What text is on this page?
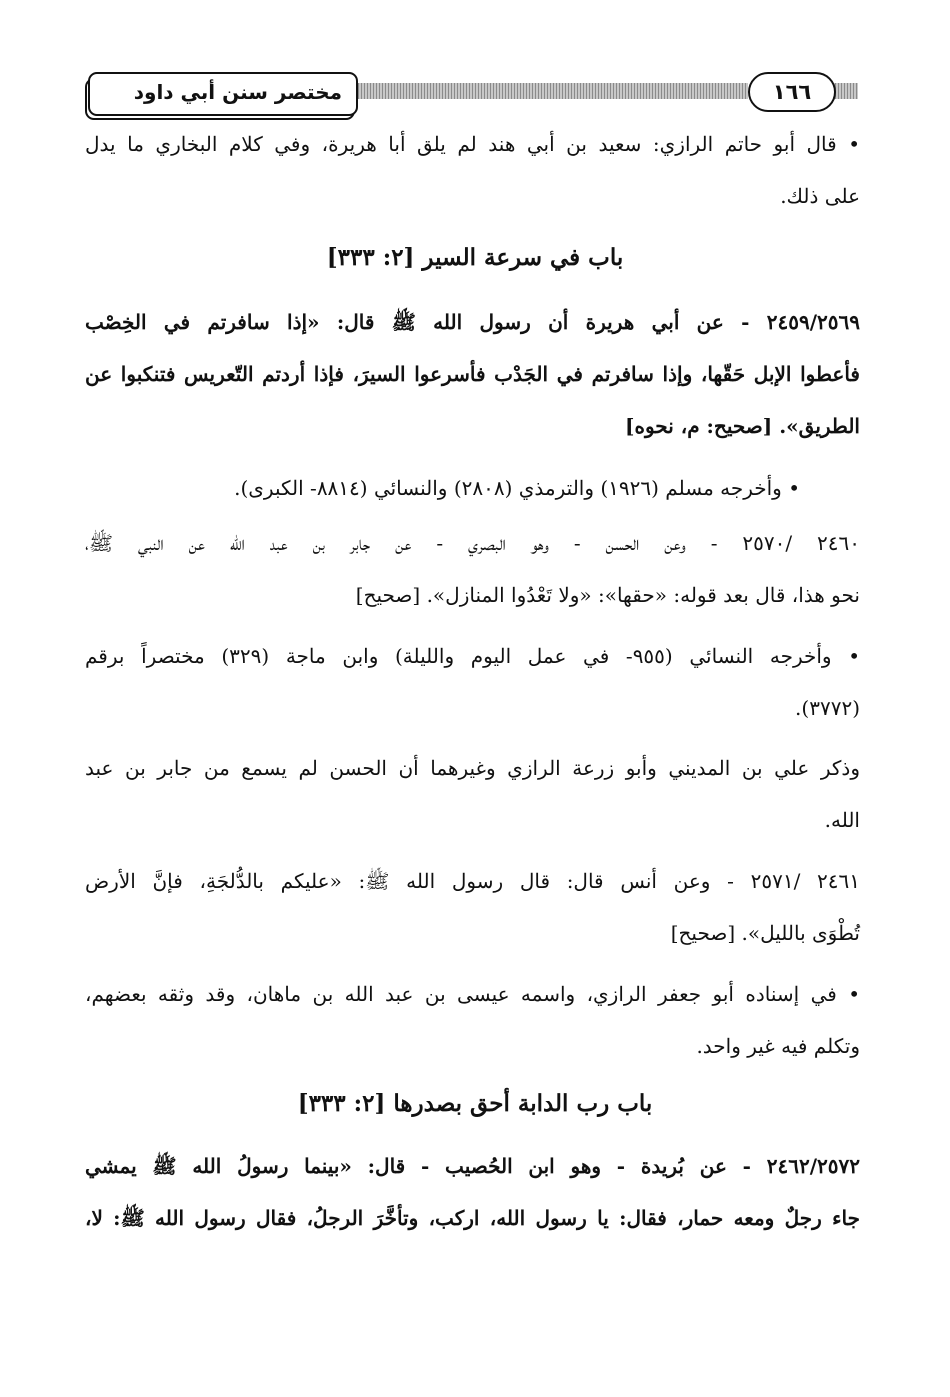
١٦٦
مختصر سنن أبي داود
• قال أبو حاتم الرازي: سعيد بن أبي هند لم يلق أبا هريرة، وفي كلام البخاري ما يدل
على ذلك.
باب في سرعة السير [٢: ٣٣٣]
٢٤٥٩/٢٥٦٩ - عن أبي هريرة أن رسول الله ﷺ قال: «إذا سافرتم في الخِصْب
فأعطوا الإبل حَقّها، وإذا سافرتم في الجَدْب فأسرعوا السيرَ، فإذا أردتم التّعريس فتنكبوا عن
الطريق». [صحيح: م، نحوه]
• وأخرجه مسلم (١٩٢٦) والترمذي (٢٨٠٨) والنسائي (٨٨١٤- الكبرى).
٢٤٦٠ /٢٥٧٠ - وعن الحسن - وهو البصري - عن جابر بن عبد الله عن النبي ﷺ،
نحو هذا، قال بعد قوله: «حقها»: «ولا تَعْدُوا المنازل». [صحيح]
• وأخرجه النسائي (٩٥٥- في عمل اليوم والليلة) وابن ماجة (٣٢٩) مختصراً برقم
(٣٧٧٢).
وذكر علي بن المديني وأبو زرعة الرازي وغيرهما أن الحسن لم يسمع من جابر بن عبد
الله.
٢٤٦١ /٢٥٧١ - وعن أنس قال: قال رسول الله ﷺ: «عليكم بالدُّلجَةِ، فإنَّ الأرض
تُطْوَى بالليل». [صحيح]
• في إسناده أبو جعفر الرازي، واسمه عيسى بن عبد الله بن ماهان، وقد وثقه بعضهم،
وتكلم فيه غير واحد.
باب رب الدابة أحق بصدرها [٢: ٣٣٣]
٢٤٦٢/٢٥٧٢ - عن بُريدة - وهو ابن الحُصيب - قال: «بينما رسولُ الله ﷺ يمشي
جاء رجلٌ ومعه حمار، فقال: يا رسول الله، اركب، وتأخَّرَ الرجلُ، فقال رسول الله ﷺ: لا،
